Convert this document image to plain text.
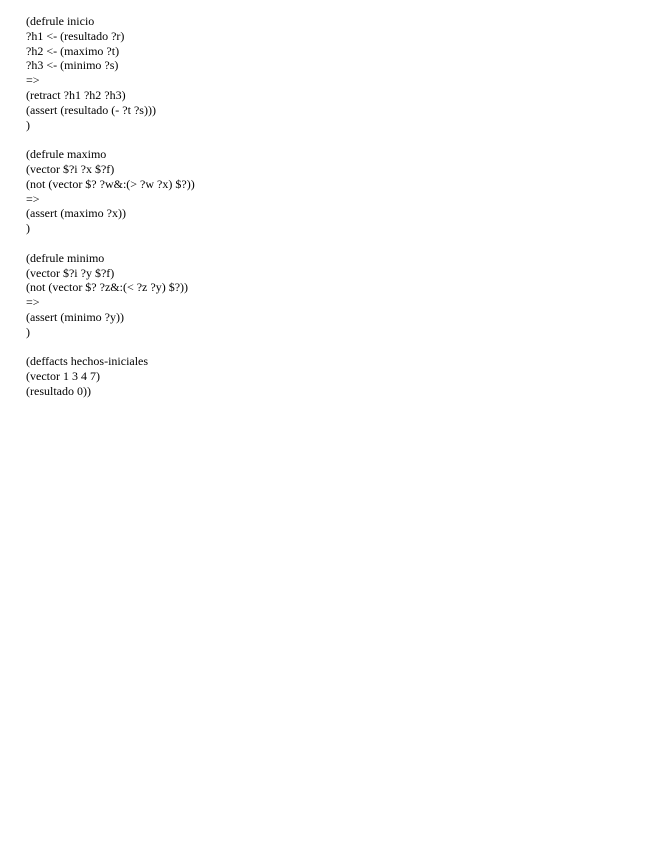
(defrule inicio
?h1 <- (resultado ?r)
?h2 <- (maximo ?t)
?h3 <- (minimo ?s)
=>
(retract ?h1 ?h2 ?h3)
(assert (resultado (- ?t ?s)))
)
(defrule maximo
(vector $?i ?x $?f)
(not (vector $? ?w&:(> ?w ?x) $?))
=>
(assert (maximo ?x))
)
(defrule minimo
(vector $?i ?y $?f)
(not (vector $? ?z&:(< ?z ?y) $?))
=>
(assert (minimo ?y))
)
(deffacts hechos-iniciales
(vector 1 3 4 7)
(resultado 0))
